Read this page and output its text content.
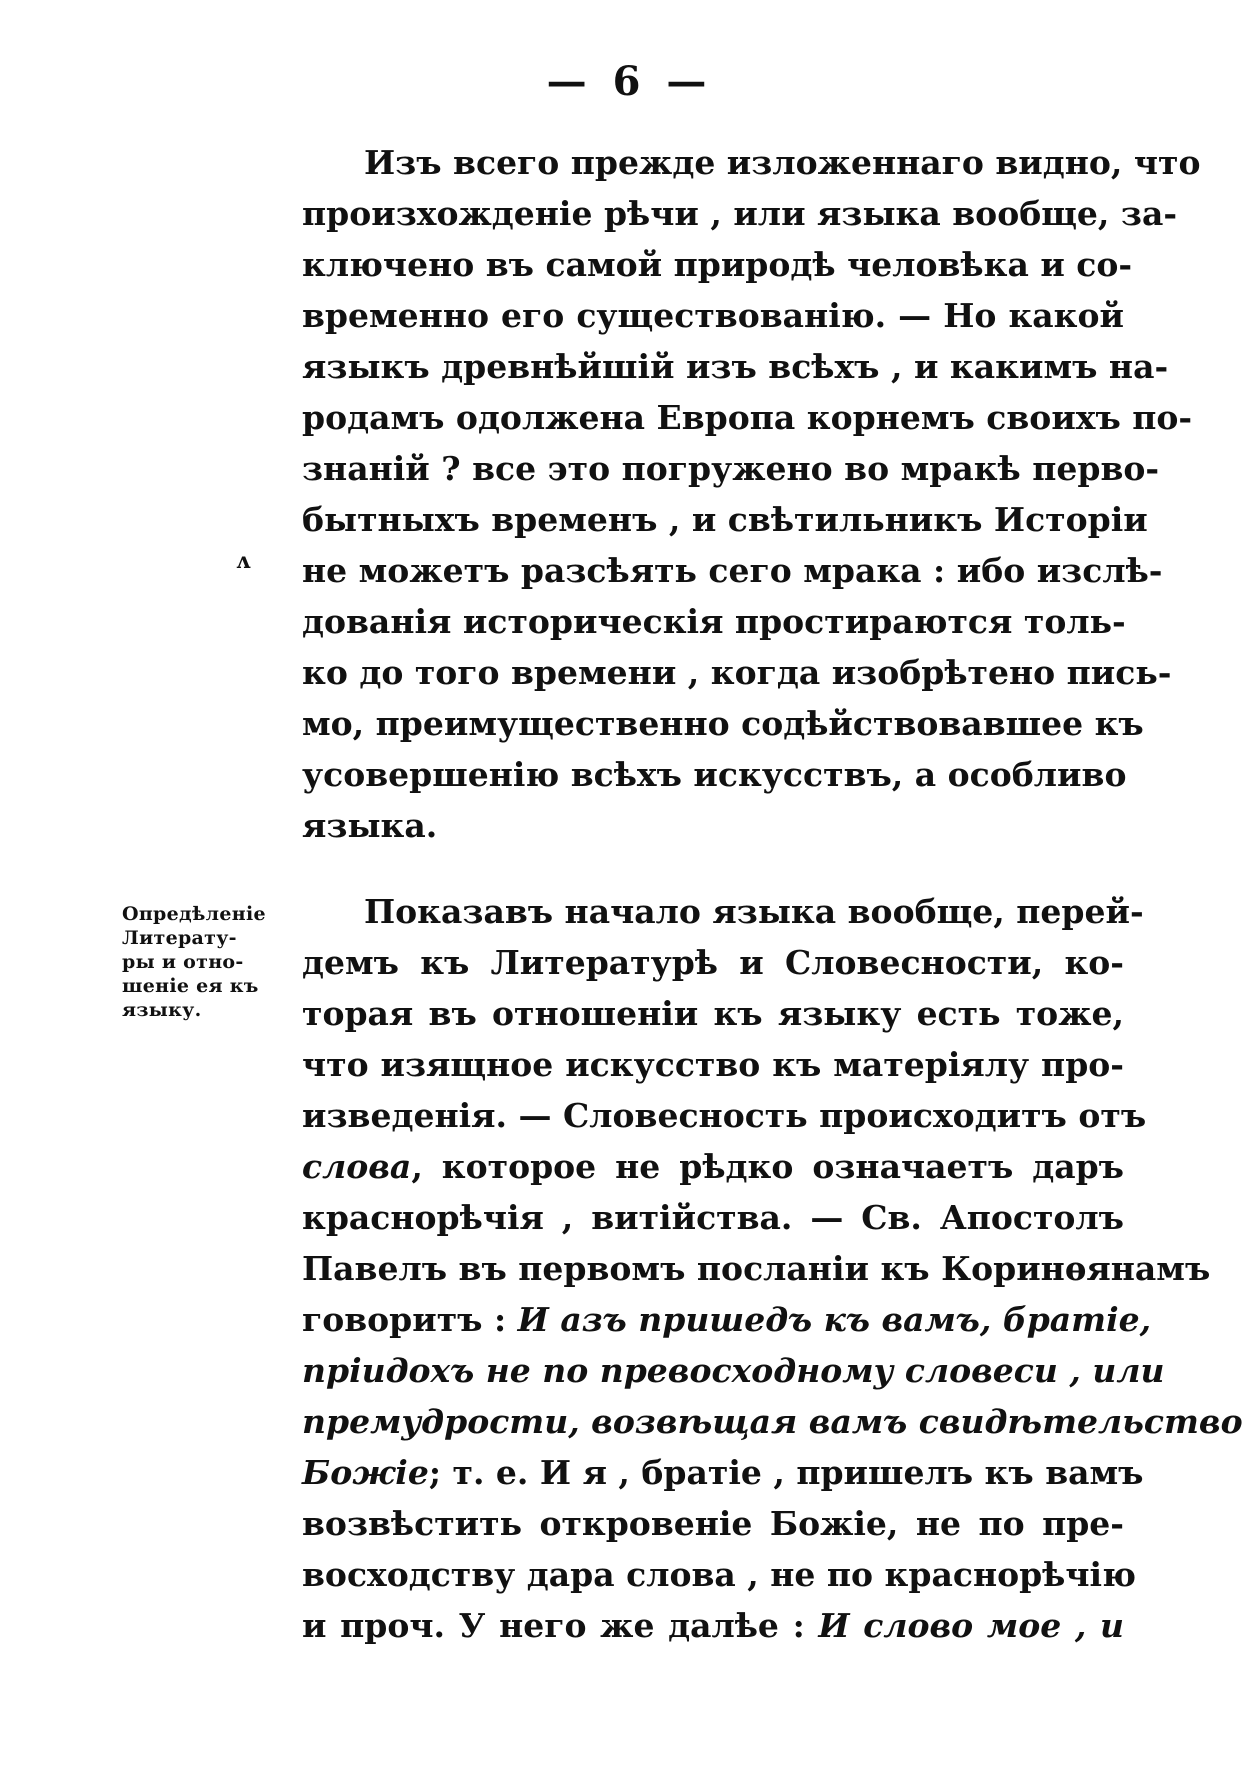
— 6 —
ʌ
Опредѣленіе
Литерату-
ры и отно-
шеніе ея къ
языку.
Изъ всего прежде изложеннаго видно, что
произхожденіе рѣчи , или языка вообще, за-
ключено въ самой природѣ человѣка и со-
временно его существованію. — Но какой
языкъ древнѣйшій изъ всѣхъ , и какимъ на-
родамъ одолжена Европа корнемъ своихъ по-
знаній ? все это погружено во мракѣ перво-
бытныхъ временъ , и свѣтильникъ Исторіи
не можетъ разсѣять сего мрака : ибо изслѣ-
дованія историческія простираются толь-
ко до того времени , когда изобрѣтено пись-
мо, преимущественно содѣйствовавшее къ
усовершенію всѣхъ искусствъ, а особливо
языка.
Показавъ начало языка вообще, перей-
демъ къ Литературѣ и Словесности, ко-
торая въ отношеніи къ языку есть тоже,
что изящное искусство къ матеріялу про-
изведенія. — Словесность происходитъ отъ
слова, которое не рѣдко означаетъ даръ
краснорѣчія , витійства. — Св. Апостолъ
Павелъ въ первомъ посланіи къ Коринѳянамъ
говоритъ : И азъ пришедъ къ вамъ, братіе,
пріидохъ не по превосходному словеси , или
премудрости, возвѣщая вамъ свидѣтельство
Божіе; т. е. И я , братіе , пришелъ къ вамъ
возвѣстить откровеніе Божіе, не по пре-
восходству дара слова , не по краснорѣчію
и проч. У него же далѣе : И слово мое , и
